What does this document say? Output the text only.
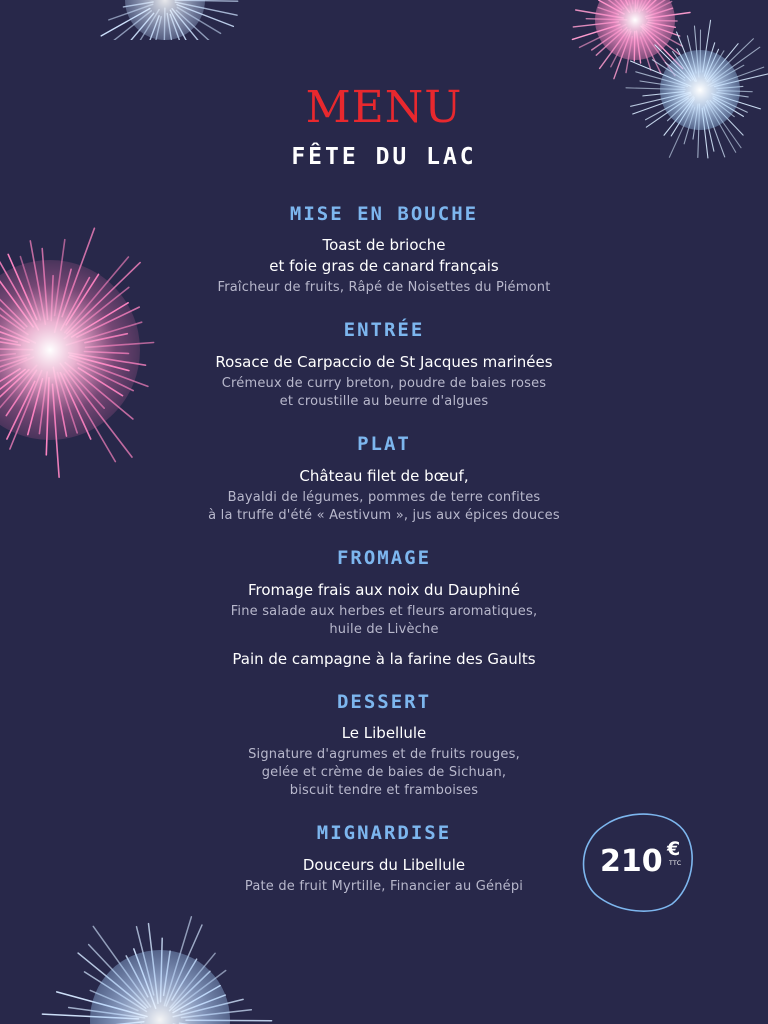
MENU
FÊTE DU LAC
MISE EN BOUCHE
Toast de brioche
et foie gras de canard français
Fraîcheur de fruits, Râpé de Noisettes du Piémont
ENTRÉE
Rosace de Carpaccio de St Jacques marinées
Crémeux de curry breton, poudre de baies roses
et croustille au beurre d'algues
PLAT
Château filet de bœuf,
Bayaldi de légumes, pommes de terre confites
à la truffe d'été « Aestivum », jus aux épices douces
FROMAGE
Fromage frais aux noix du Dauphiné
Fine salade aux herbes et fleurs aromatiques,
huile de Livèche
Pain de campagne à la farine des Gaults
DESSERT
Le Libellule
Signature d'agrumes et de fruits rouges,
gelée et crème de baies de Sichuan,
biscuit tendre et framboises
MIGNARDISE
Douceurs du Libellule
Pate de fruit Myrtille, Financier au Génépi
210 €
TTC
